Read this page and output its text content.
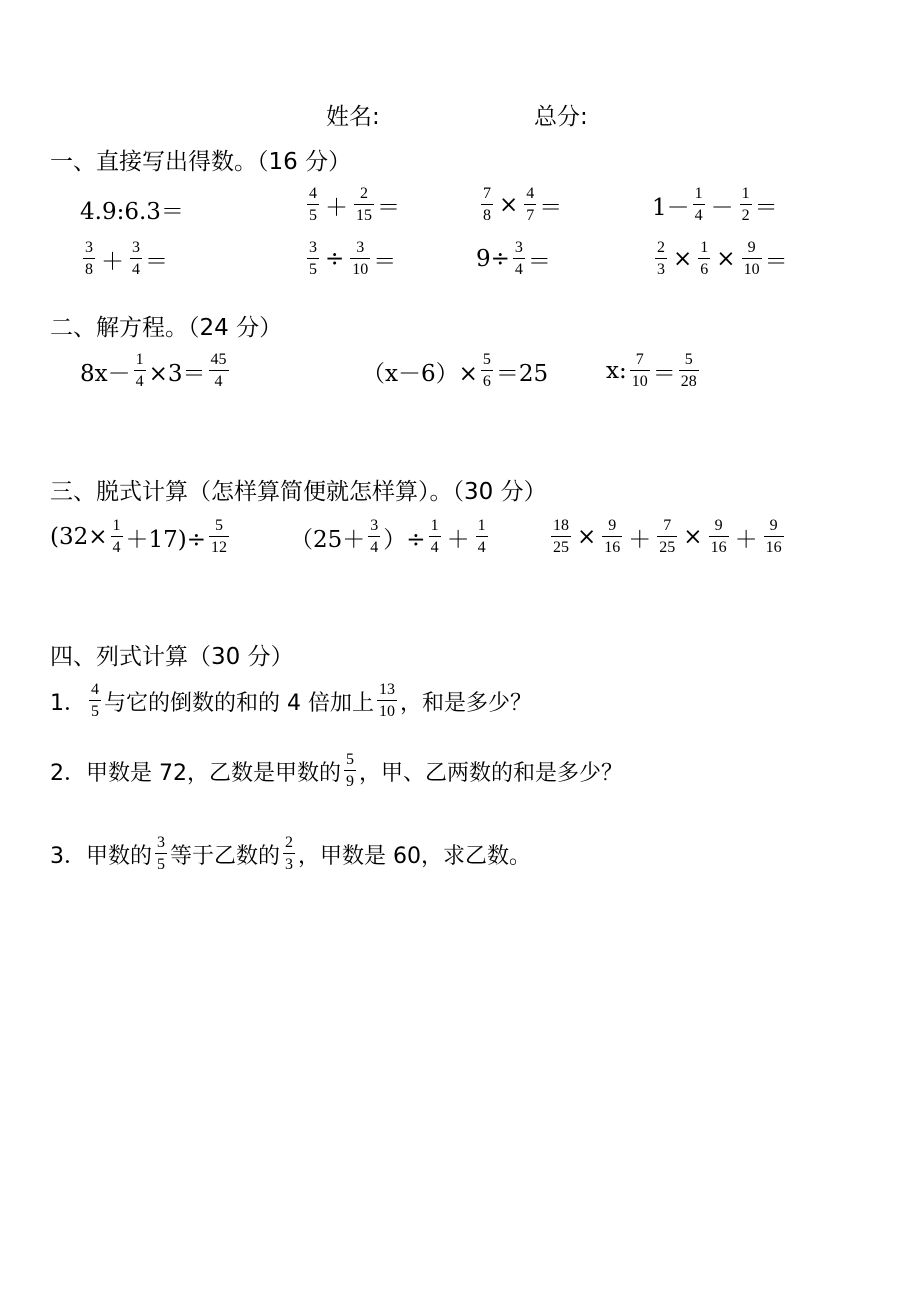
姓名:	总分:
一、直接写出得数。（16 分）
4.9:6.3＝	$\frac{4}{5} + \frac{2}{15}$ ＝	$\frac{7}{8} \times \frac{4}{7}$ ＝	$1- \frac{1}{4} - \frac{1}{2}$ ＝
$\frac{3}{8} + \frac{3}{4}$ ＝	$\frac{3}{5} \div \frac{3}{10}$ ＝	$9\div \frac{3}{4}$ ＝	$\frac{2}{3} \times \frac{1}{6} \times \frac{9}{10}$ ＝
二、解方程。（24 分）
$8x- \frac{1}{4} \times 3= \frac{45}{4}$	$(x-6)\times \frac{5}{6} =25$	x: $\frac{7}{10} = \frac{5}{28}$
三、脱式计算（怎样算简便就怎样算）。（30 分）
$(32\times \frac{1}{4} +17)\div \frac{5}{12}$	（$25+ \frac{3}{4}$ ）÷ $\frac{1}{4} + \frac{1}{4}$	$\frac{18}{25} \times \frac{9}{16} + \frac{7}{25} \times \frac{9}{16} + \frac{9}{16}$
四、列式计算（30 分）
1． $\frac{4}{5}$ 与它的倒数的和的 4 倍加上 $\frac{13}{10}$ ，和是多少？
2． 甲数是 72，乙数是甲数的 $\frac{5}{9}$ ，甲、乙两数的和是多少？
3． 甲数的 $\frac{3}{5}$ 等于乙数的 $\frac{2}{3}$ ，甲数是 60，求乙数。
